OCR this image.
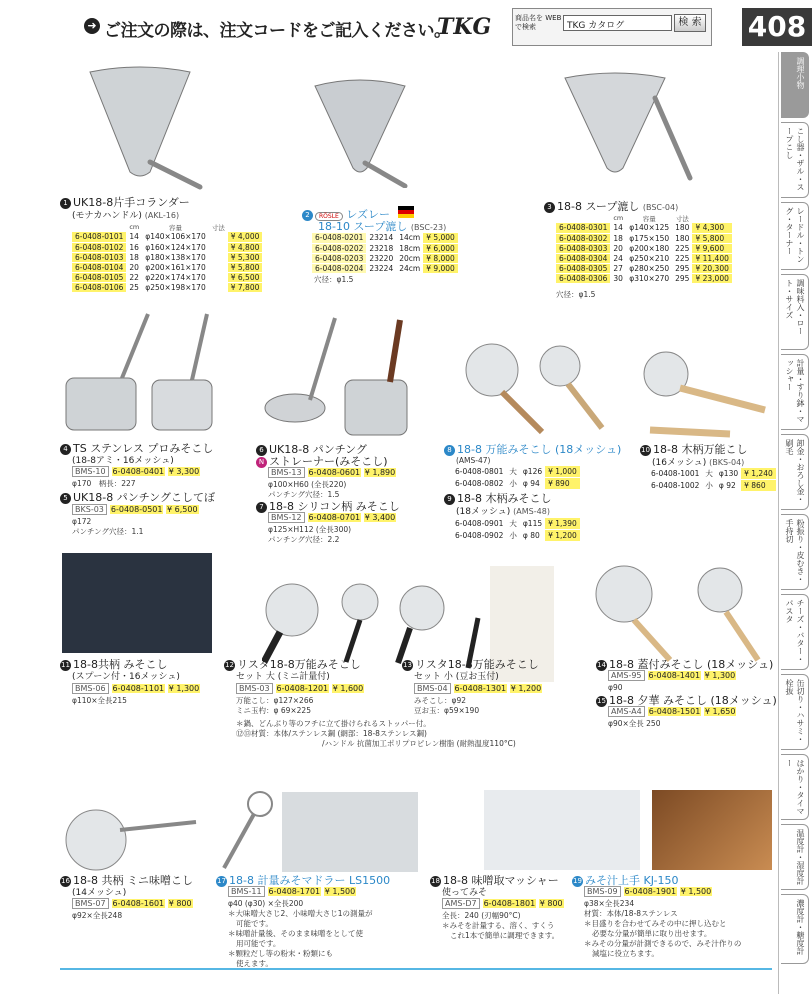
➜ ご注文の際は、注文コードをご記入ください。
TKG	商品名を WEBで検索	TKG カタログ	検 索 408
調理小物
こし器・ザル・スープこし
レードル・トング・ターナー
調味料入・ロート・サイズ
計量・すり鉢・マッシャー
卸金・おろし金・刷毛
粉振り・皮むき・手持切
チーズ・バター・パスタ
缶切り・ハサミ・栓抜
はかり・タイマー
温度計・湿度計
濃度計・糖度計
1 UK18-8片手コランダー
(モナカハンドル) (AKL-16)
	cm	容量	寸法	
6-0408-0101	14	φ140×106×170		¥ 4,000
6-0408-0102	16	φ160×124×170		¥ 4,800
6-0408-0103	18	φ180×138×170		¥ 5,300
6-0408-0104	20	φ200×161×170		¥ 5,800
6-0408-0105	22	φ220×174×170		¥ 6,500
6-0408-0106	25	φ250×198×170		¥ 7,800
2 RÖSLE レズレー
18-10 スープ漉し (BSC-23)
6-0408-0201	23214	14cm	¥ 5,000
6-0408-0202	23218	18cm	¥ 6,000
6-0408-0203	23220	20cm	¥ 8,000
6-0408-0204	23224	24cm	¥ 9,000
穴径：φ1.5
3 18-8 スープ漉し (BSC-04)
	cm	容量	寸法	
6-0408-0301	14	φ140×125	180	¥ 4,300
6-0408-0302	18	φ175×150	180	¥ 5,800
6-0408-0303	20	φ200×180	225	¥ 9,600
6-0408-0304	24	φ250×210	225	¥ 11,400
6-0408-0305	27	φ280×250	295	¥ 20,300
6-0408-0306	30	φ310×270	295	¥ 23,000
穴径：φ1.5
4 TS ステンレス プロみそこし
(18-8アミ・16メッシュ)
BMS-10 6-0408-0401 ¥ 3,300
φ170　柄長：227
5 UK18-8 パンチングこしてぼ
BKS-03 6-0408-0501 ¥ 6,500
φ172
パンチング穴径：1.1
6 UK18-8 パンチング
N ストレーナー(みそこし)
BMS-13 6-0408-0601 ¥ 1,890
φ100×H60 (全長220)
パンチング穴径：1.5
7 18-8 シリコン柄 みそこし
BMS-12 6-0408-0701 ¥ 3,400
φ125×H112 (全長300)
パンチング穴径：2.2
8 18-8 万能みそこし (18メッシュ)
(AMS-47)
6-0408-0801	大	φ126	¥ 1,000
6-0408-0802	小	φ 94	¥ 890
9 18-8 木柄みそこし
(18メッシュ) (AMS-48)
6-0408-0901	大	φ115	¥ 1,390
6-0408-0902	小	φ 80	¥ 1,200
10 18-8 木柄万能こし
(16メッシュ) (BKS-04)
6-0408-1001	大	φ130	¥ 1,240
6-0408-1002	小	φ 92	¥ 860
11 18-8共柄 みそこし
(スプーン付・16メッシュ)
BMS-06 6-0408-1101 ¥ 1,300
φ110×全長215
12 リスタ18-8万能みそこし
セット 大 (ミニ計量付)
BMS-03 6-0408-1201 ¥ 1,600
万能こし：φ127×266
ミニ玉杓：φ 69×225
13 リスタ18-8万能みそこし
セット 小 (豆お玉付)
BMS-04 6-0408-1301 ¥ 1,200
みそこし：φ92
豆お玉：φ59×190
14 18-8 蓋付みそこし (18メッシュ)
AMS-95 6-0408-1401 ¥ 1,300
φ90
15 18-8 夕華 みそこし (18メッシュ)
AMS-A4 6-0408-1501 ¥ 1,650
φ90×全長 250
＊鍋、どんぶり等のフチに立て掛けられるストッパー付。
⑫⑬材質：本体/ステンレス鋼 (網部：18-8ステンレス鋼)
/ハンドル 抗菌加工ポリプロピレン樹脂 (耐熱温度110°C)
16 18-8 共柄 ミニ味噌こし
(14メッシュ)
BMS-07 6-0408-1601 ¥ 800
φ92×全長248
17 18-8 計量みそマドラー LS1500
BMS-11 6-0408-1701 ¥ 1,500
φ40 (φ30) ×全長200
＊大味噌大さじ2、小味噌大さじ1の測量が
可能です。
＊味噌計量後、そのまま味噌をとして使
用可能です。
＊顆粒だし等の粉末・粉類にも
使えます。
18 18-8 味噌取マッシャー
使ってみそ
AMS-D7 6-0408-1801 ¥ 800
全長：240 (刃幅90°C)
＊みそを計量する、溶く、すくう
これ1本で簡単に調理できます。
19 みそ汁上手 KJ-150
BMS-09 6-0408-1901 ¥ 1,500
φ38×全長234
材質：本体/18-8ステンレス
＊目盛りを合わせてみその中に押し込むと
必要な分量が簡単に取り出せます。
＊みその分量が計測できるので、みそ汁作りの
減塩に役立ちます。
